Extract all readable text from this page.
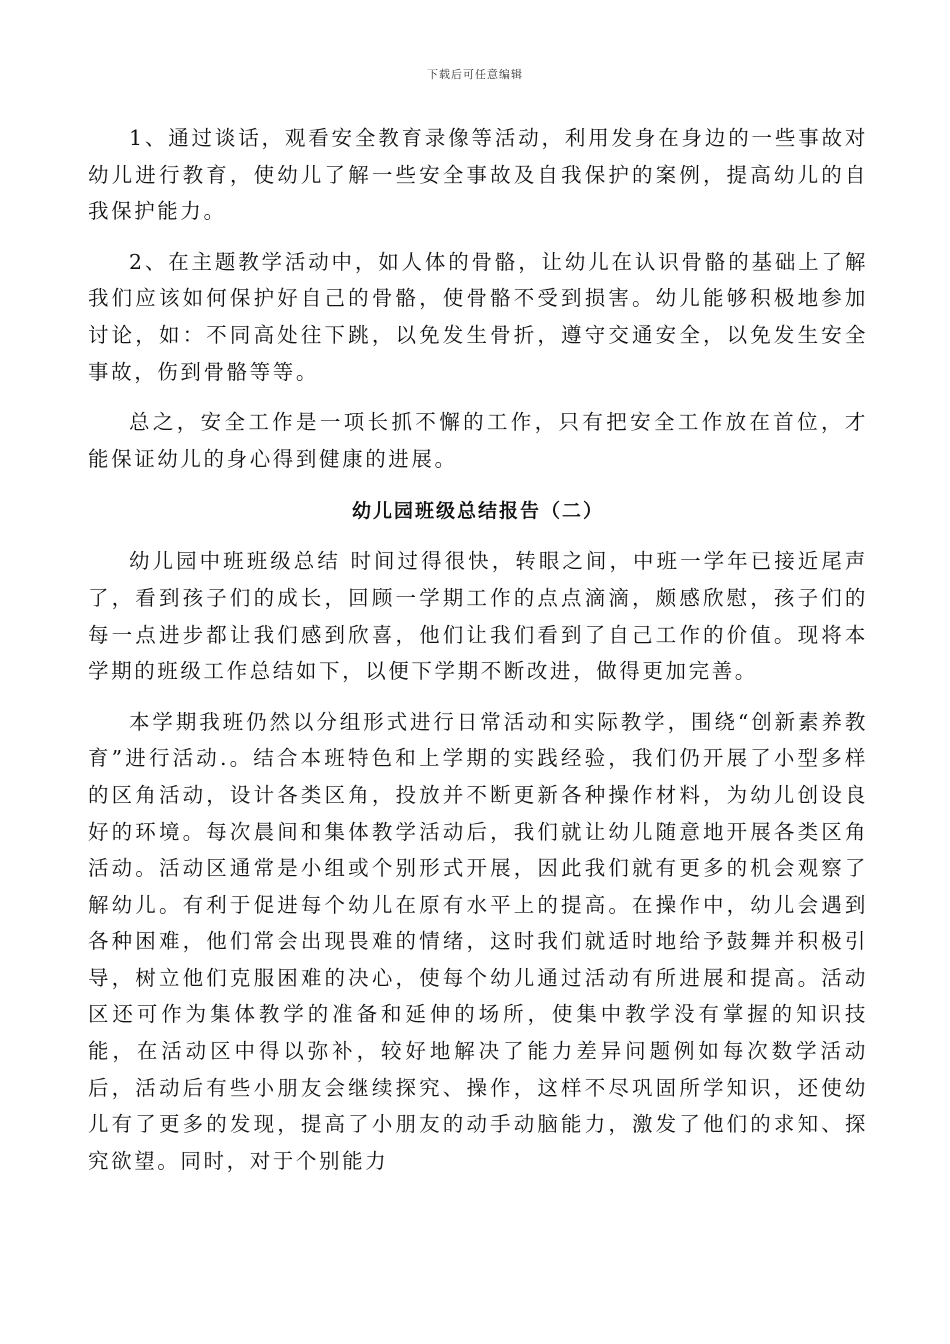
下载后可任意编辑

1、通过谈话，观看安全教育录像等活动，利用发身在身边的一些事故对幼儿进行教育，使幼儿了解一些安全事故及自我保护的案例，提高幼儿的自我保护能力。

2、在主题教学活动中，如人体的骨骼，让幼儿在认识骨骼的基础上了解我们应该如何保护好自己的骨骼，使骨骼不受到损害。幼儿能够积极地参加讨论，如：不同高处往下跳，以免发生骨折，遵守交通安全，以免发生安全事故，伤到骨骼等等。

总之，安全工作是一项长抓不懈的工作，只有把安全工作放在首位，才能保证幼儿的身心得到健康的进展。

幼儿园班级总结报告（二）

幼儿园中班班级总结 时间过得很快，转眼之间，中班一学年已接近尾声了，看到孩子们的成长，回顾一学期工作的点点滴滴，颇感欣慰，孩子们的每一点进步都让我们感到欣喜，他们让我们看到了自己工作的价值。现将本学期的班级工作总结如下，以便下学期不断改进，做得更加完善。

本学期我班仍然以分组形式进行日常活动和实际教学，围绕“创新素养教育”进行活动.。结合本班特色和上学期的实践经验，我们仍开展了小型多样的区角活动，设计各类区角，投放并不断更新各种操作材料，为幼儿创设良好的环境。每次晨间和集体教学活动后，我们就让幼儿随意地开展各类区角活动。活动区通常是小组或个别形式开展，因此我们就有更多的机会观察了解幼儿。有利于促进每个幼儿在原有水平上的提高。在操作中，幼儿会遇到各种困难，他们常会出现畏难的情绪，这时我们就适时地给予鼓舞并积极引导，树立他们克服困难的决心，使每个幼儿通过活动有所进展和提高。活动区还可作为集体教学的准备和延伸的场所，使集中教学没有掌握的知识技能，在活动区中得以弥补，较好地解决了能力差异问题例如每次数学活动后，活动后有些小朋友会继续探究、操作，这样不尽巩固所学知识，还使幼儿有了更多的发现，提高了小朋友的动手动脑能力，激发了他们的求知、探究欲望。同时，对于个别能力
